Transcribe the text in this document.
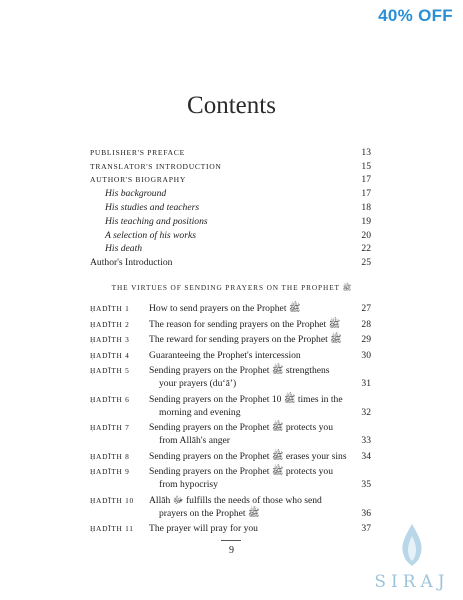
40% OFF
Contents
PUBLISHER'S PREFACE	13
TRANSLATOR'S INTRODUCTION	15
AUTHOR'S BIOGRAPHY	17
His background	17
His studies and teachers	18
His teaching and positions	19
A selection of his works	20
His death	22
Author's Introduction	25
THE VIRTUES OF SENDING PRAYERS ON THE PROPHET ﷺ
ḤADĪTH 1 How to send prayers on the Prophet ﷺ	27
ḤADĪTH 2 The reason for sending prayers on the Prophet ﷺ 28
ḤADĪTH 3 The reward for sending prayers on the Prophet ﷺ 29
ḤADĪTH 4 Guaranteeing the Prophet's intercession	30
ḤADĪTH 5 Sending prayers on the Prophet ﷺ strengthens
your prayers (du‘ā’)	31
ḤADĪTH 6 Sending prayers on the Prophet ﷺ 10 times in the
morning and evening	32
ḤADĪTH 7 Sending prayers on the Prophet ﷺ protects you
from Allāh's anger	33
ḤADĪTH 8 Sending prayers on the Prophet ﷺ erases your sins 34
ḤADĪTH 9 Sending prayers on the Prophet ﷺ protects you
from hypocrisy	35
ḤADĪTH 10 Allāh ﷻ fulfills the needs of those who send
prayers on the Prophet ﷺ	36
ḤADĪTH 11 The prayer will pray for you	37
9
SIRAJ
